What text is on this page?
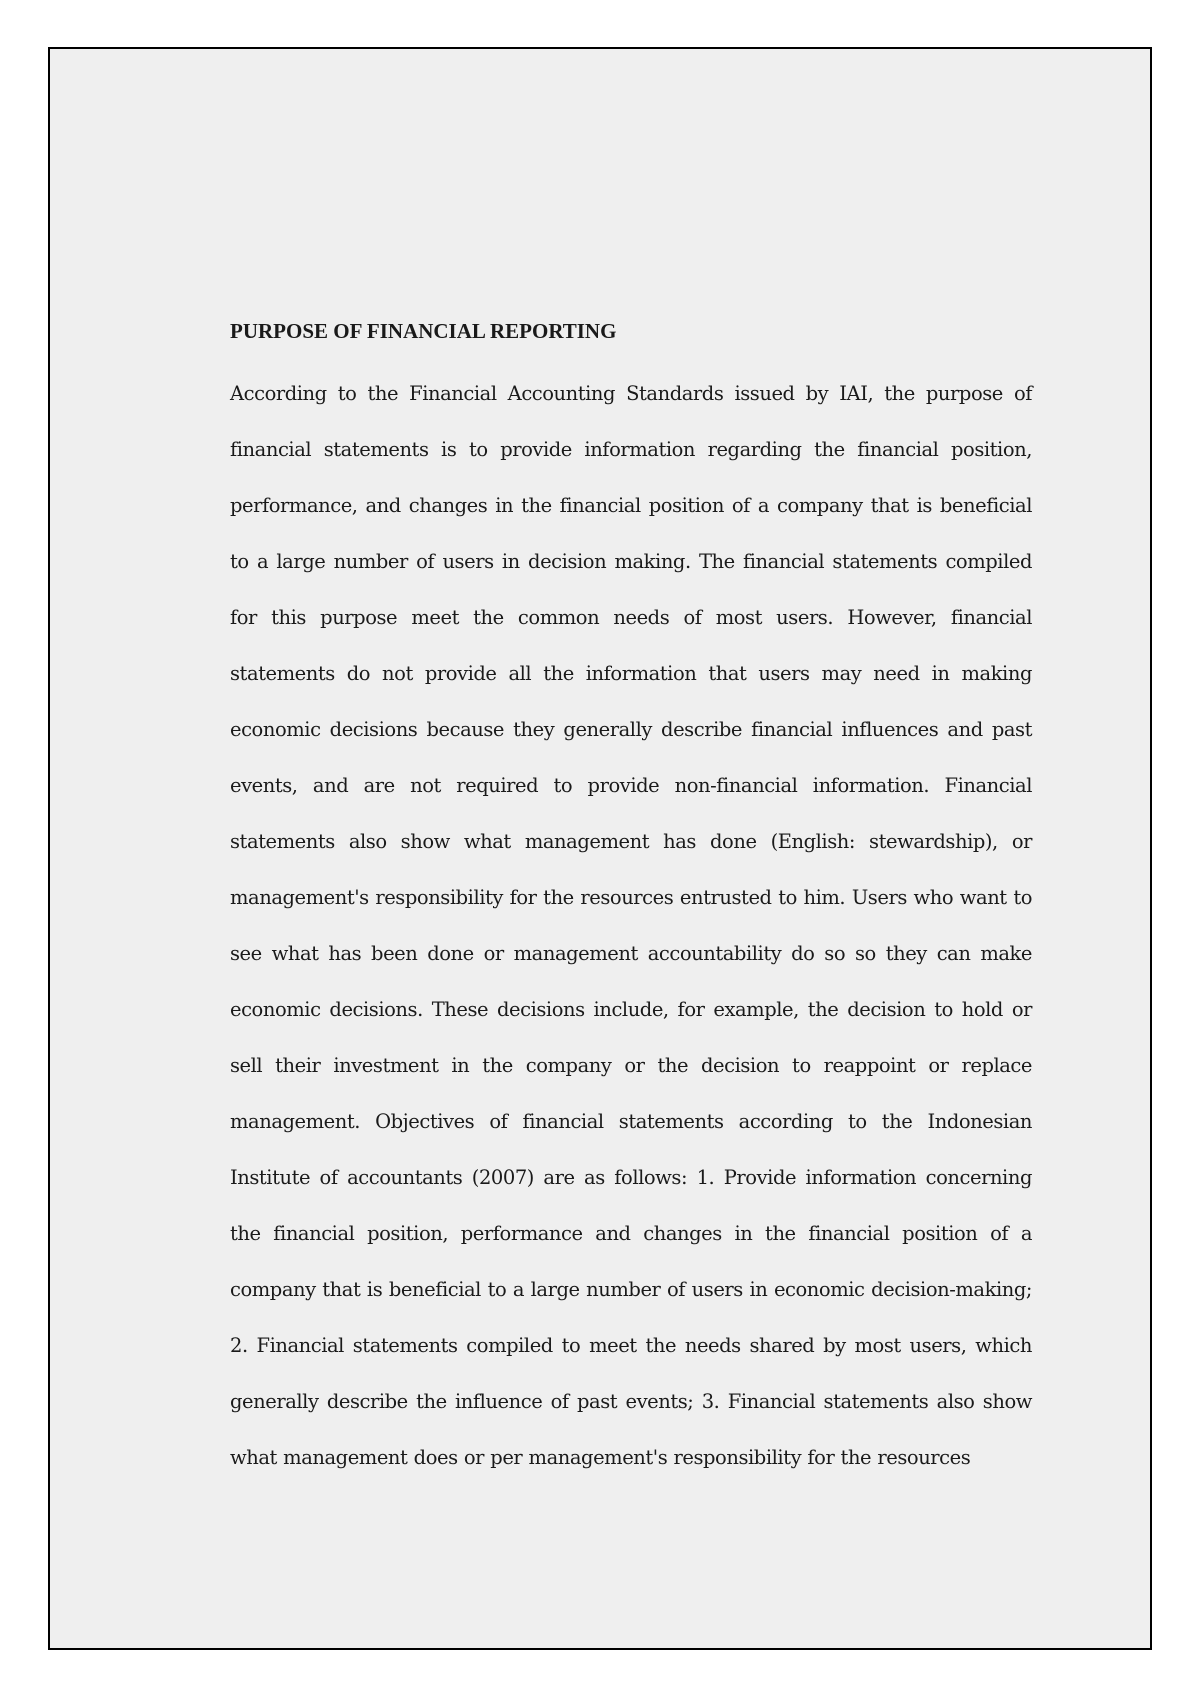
PURPOSE OF FINANCIAL REPORTING

According to the Financial Accounting Standards issued by IAI, the purpose of financial statements is to provide information regarding the financial position, performance, and changes in the financial position of a company that is beneficial to a large number of users in decision making. The financial statements compiled for this purpose meet the common needs of most users. However, financial statements do not provide all the information that users may need in making economic decisions because they generally describe financial influences and past events, and are not required to provide non-financial information. Financial statements also show what management has done (English: stewardship), or management's responsibility for the resources entrusted to him. Users who want to see what has been done or management accountability do so so they can make economic decisions. These decisions include, for example, the decision to hold or sell their investment in the company or the decision to reappoint or replace management. Objectives of financial statements according to the Indonesian Institute of accountants (2007) are as follows: 1. Provide information concerning the financial position, performance and changes in the financial position of a company that is beneficial to a large number of users in economic decision-making; 2. Financial statements compiled to meet the needs shared by most users, which generally describe the influence of past events; 3. Financial statements also show what management does or per management's responsibility for the resources
